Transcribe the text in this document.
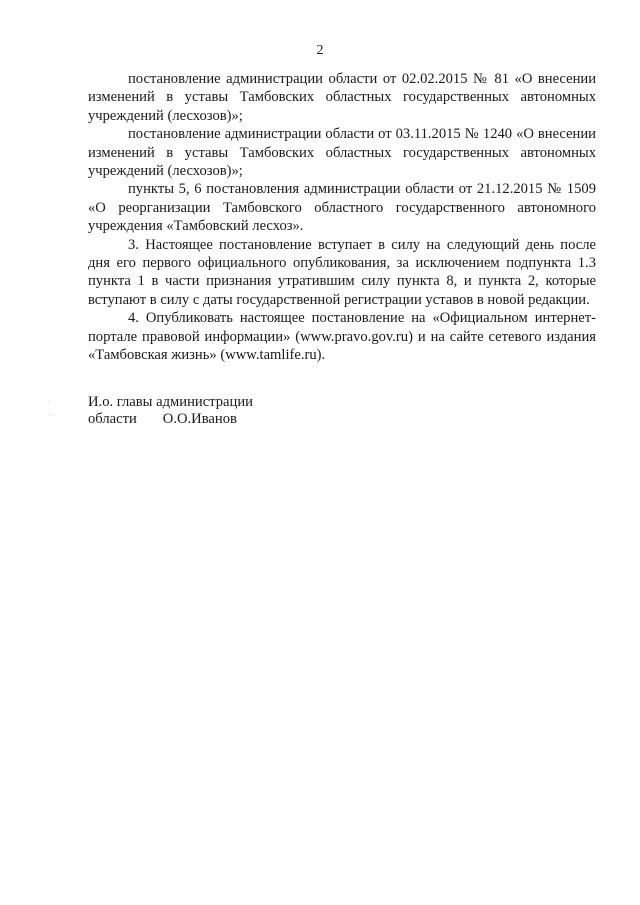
2

постановление администрации области от 02.02.2015 № 81 «О внесении изменений в уставы Тамбовских областных государственных автономных учреждений (лесхозов)»;

постановление администрации области от 03.11.2015 № 1240 «О внесении изменений в уставы Тамбовских областных государственных автономных учреждений (лесхозов)»;

пункты 5, 6 постановления администрации области от 21.12.2015 № 1509 «О реорганизации Тамбовского областного государственного автономного учреждения «Тамбовский лесхоз».

3. Настоящее постановление вступает в силу на следующий день после дня его первого официального опубликования, за исключением подпункта 1.3 пункта 1 в части признания утратившим силу пункта 8, и пункта 2, которые вступают в силу с даты государственной регистрации уставов в новой редакции.

4. Опубликовать настоящее постановление на «Официальном интернет-портале правовой информации» (www.pravo.gov.ru) и на сайте сетевого издания «Тамбовская жизнь» (www.tamlife.ru).

·
··
И.о. главы администрации
области О.О.Иванов
